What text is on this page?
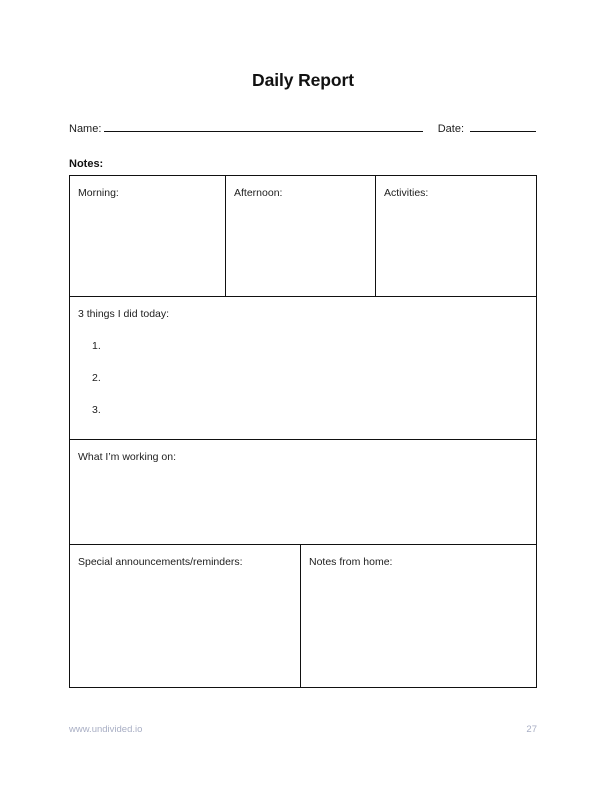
Daily Report
Name:	Date:
Notes:
Morning:	Afternoon:	Activities:
3 things I did today:
1.
2.
3.
What I’m working on:
Special announcements/reminders:	Notes from home:
www.undivided.io	27
